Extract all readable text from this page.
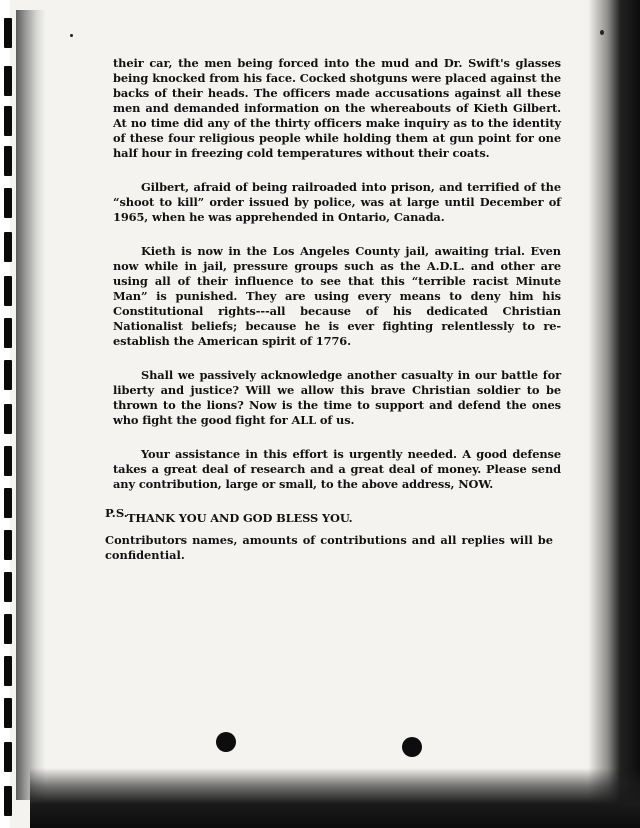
their car, the men being forced into the mud and Dr. Swift's glasses being knocked from his face. Cocked shotguns were placed against the backs of their heads. The officers made accusations against all these men and demanded information on the whereabouts of Kieth Gilbert. At no time did any of the thirty officers make inquiry as to the identity of these four religious people while holding them at gun point for one half hour in freezing cold temperatures without their coats.

Gilbert, afraid of being railroaded into prison, and terrified of the “shoot to kill” order issued by police, was at large until December of 1965, when he was apprehended in Ontario, Canada.

Kieth is now in the Los Angeles County jail, awaiting trial. Even now while in jail, pressure groups such as the A.D.L. and other are using all of their influence to see that this “terrible racist Minute Man” is punished. They are using every means to deny him his Constitutional rights---all because of his dedicated Christian Nationalist beliefs; because he is ever fighting relentlessly to re-establish the American spirit of 1776.

Shall we passively acknowledge another casualty in our battle for liberty and justice? Will we allow this brave Christian soldier to be thrown to the lions? Now is the time to support and defend the ones who fight the good fight for ALL of us.

Your assistance in this effort is urgently needed. A good defense takes a great deal of research and a great deal of money. Please send any contribution, large or small, to the above address, NOW.

THANK YOU AND GOD BLESS YOU.
P.S.

Contributors names, amounts of contributions and all replies will be confidential.
